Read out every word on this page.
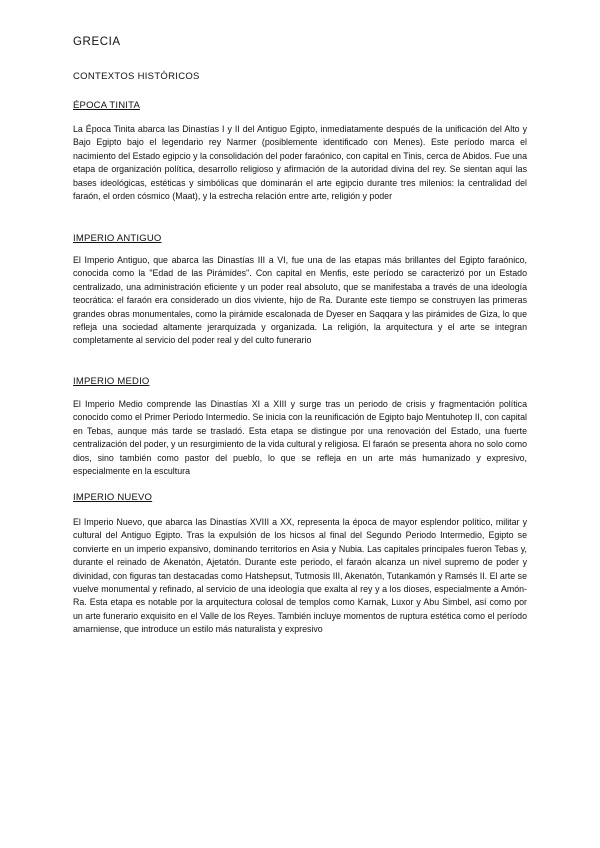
GRECIA
CONTEXTOS HISTÓRICOS
ÉPOCA TINITA
La Época Tinita abarca las Dinastías I y II del Antiguo Egipto, inmediatamente después de la unificación del Alto y Bajo Egipto bajo el legendario rey Narmer (posiblemente identificado con Menes). Este período marca el nacimiento del Estado egipcio y la consolidación del poder faraónico, con capital en Tinis, cerca de Abidos. Fue una etapa de organización política, desarrollo religioso y afirmación de la autoridad divina del rey. Se sientan aquí las bases ideológicas, estéticas y simbólicas que dominarán el arte egipcio durante tres milenios: la centralidad del faraón, el orden cósmico (Maat), y la estrecha relación entre arte, religión y poder
IMPERIO ANTIGUO
El Imperio Antiguo, que abarca las Dinastías III a VI, fue una de las etapas más brillantes del Egipto faraónico, conocida como la "Edad de las Pirámides". Con capital en Menfis, este período se caracterizó por un Estado centralizado, una administración eficiente y un poder real absoluto, que se manifestaba a través de una ideología teocrática: el faraón era considerado un dios viviente, hijo de Ra. Durante este tiempo se construyen las primeras grandes obras monumentales, como la pirámide escalonada de Dyeser en Saqqara y las pirámides de Giza, lo que refleja una sociedad altamente jerarquizada y organizada. La religión, la arquitectura y el arte se integran completamente al servicio del poder real y del culto funerario
IMPERIO MEDIO
El Imperio Medio comprende las Dinastías XI a XIII y surge tras un periodo de crisis y fragmentación política conocido como el Primer Periodo Intermedio. Se inicia con la reunificación de Egipto bajo Mentuhotep II, con capital en Tebas, aunque más tarde se trasladó. Esta etapa se distingue por una renovación del Estado, una fuerte centralización del poder, y un resurgimiento de la vida cultural y religiosa. El faraón se presenta ahora no solo como dios, sino también como pastor del pueblo, lo que se refleja en un arte más humanizado y expresivo, especialmente en la escultura
IMPERIO NUEVO
El Imperio Nuevo, que abarca las Dinastías XVIII a XX, representa la época de mayor esplendor político, militar y cultural del Antiguo Egipto. Tras la expulsión de los hicsos al final del Segundo Periodo Intermedio, Egipto se convierte en un imperio expansivo, dominando territorios en Asia y Nubia. Las capitales principales fueron Tebas y, durante el reinado de Akenatón, Ajetatón. Durante este periodo, el faraón alcanza un nivel supremo de poder y divinidad, con figuras tan destacadas como Hatshepsut, Tutmosis III, Akenatón, Tutankamón y Ramsés II. El arte se vuelve monumental y refinado, al servicio de una ideología que exalta al rey y a los dioses, especialmente a Amón-Ra. Esta etapa es notable por la arquitectura colosal de templos como Karnak, Luxor y Abu Simbel, así como por un arte funerario exquisito en el Valle de los Reyes. También incluye momentos de ruptura estética como el período amarniense, que introduce un estilo más naturalista y expresivo
